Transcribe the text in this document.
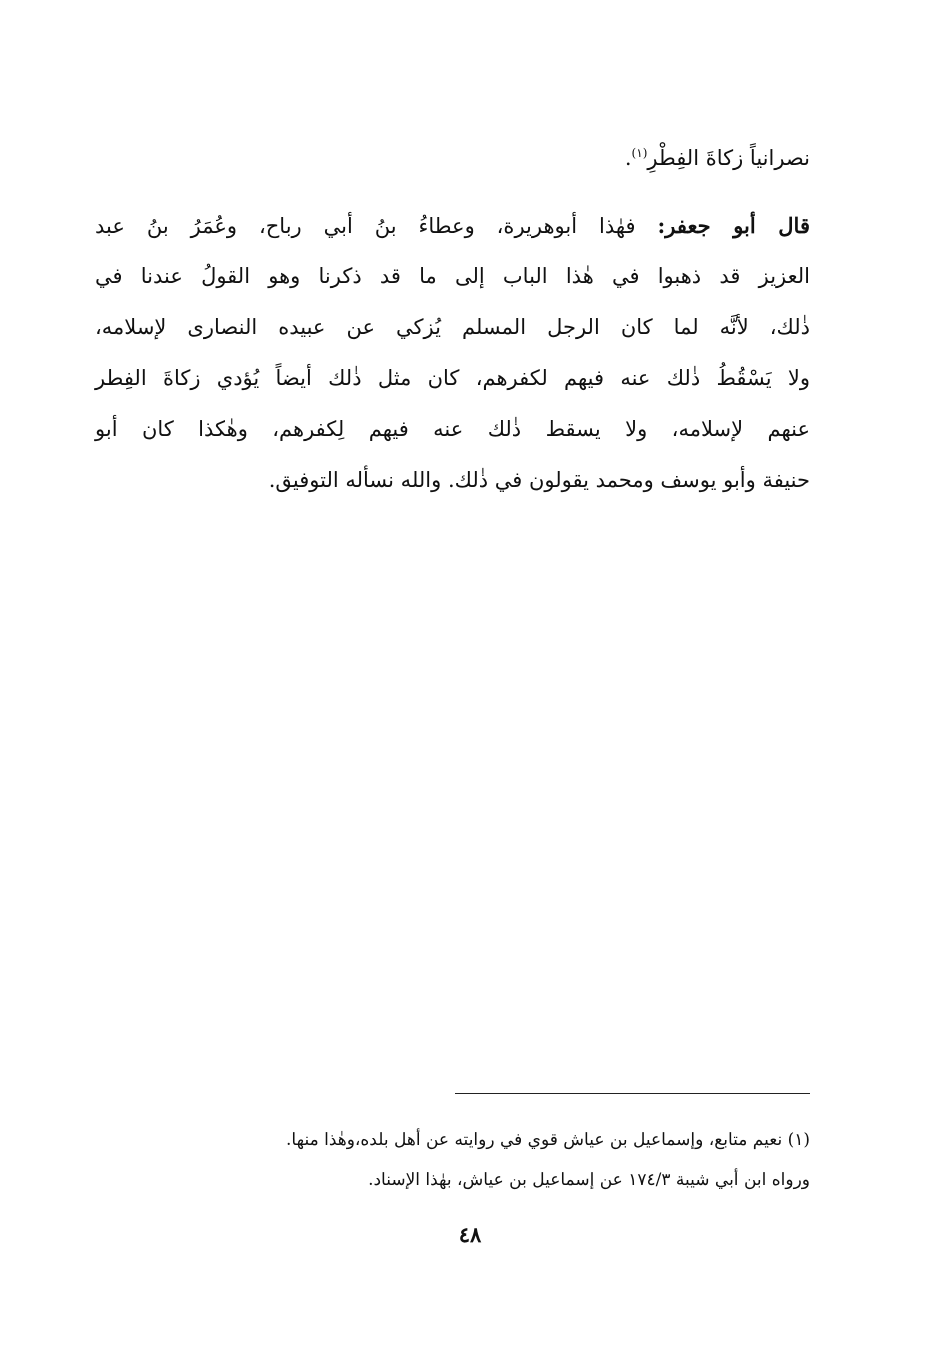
نصرانياً زكاةَ الفِطْرِ$^{(١)}$.
قال أبو جعفر: فهٰذا أبوهريرة، وعطاءُ بنُ أبي رباح، وعُمَرُ بنُ عبد
العزيز قد ذهبوا في هٰذا الباب إلى ما قد ذكرنا وهو القولُ عندنا في
ذٰلك، لأنَّه لما كان الرجل المسلم يُزكي عن عبيده النصارى لإسلامه،
ولا يَسْقُطُ ذٰلك عنه فيهم لكفرهم، كان مثل ذٰلك أيضاً يُؤدي زكاةَ الفِطر
عنهم لإسلامه، ولا يسقط ذٰلك عنه فيهم لِكفرهم، وهٰكذا كان أبو
حنيفة وأبو يوسف ومحمد يقولون في ذٰلك. والله نسأله التوفيق.
(١) نعيم متابع، وإسماعيل بن عياش قوي في روايته عن أهل بلده،وهٰذا منها.
ورواه ابن أبي شيبة ١٧٤/٣ عن إسماعيل بن عياش، بهٰذا الإسناد.
٤٨
